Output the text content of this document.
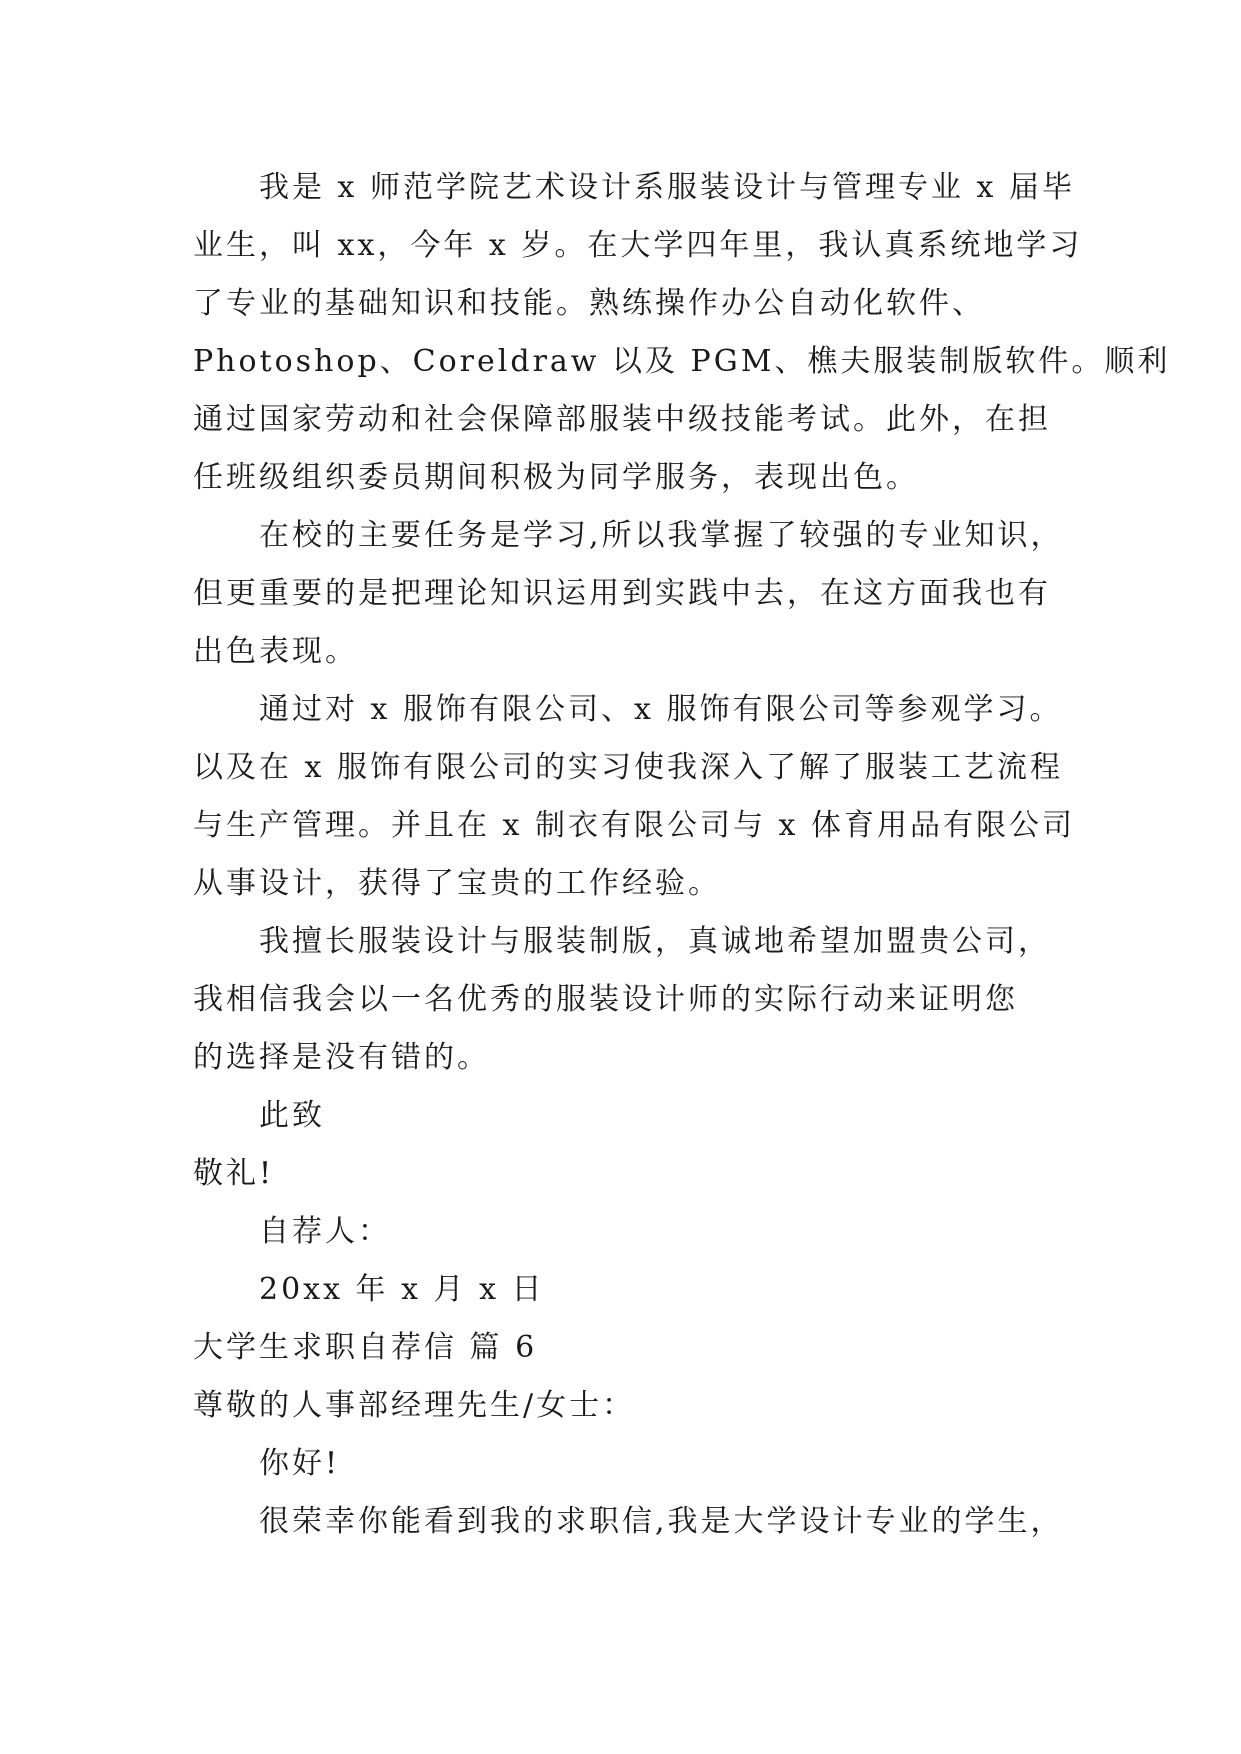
我是 x 师范学院艺术设计系服装设计与管理专业 x 届毕
业生，叫 xx，今年 x 岁。在大学四年里，我认真系统地学习
了专业的基础知识和技能。熟练操作办公自动化软件、
Photoshop、Coreldraw 以及 PGM、樵夫服装制版软件。顺利
通过国家劳动和社会保障部服装中级技能考试。此外，在担
任班级组织委员期间积极为同学服务，表现出色。
在校的主要任务是学习,所以我掌握了较强的专业知识，
但更重要的是把理论知识运用到实践中去，在这方面我也有
出色表现。
通过对 x 服饰有限公司、x 服饰有限公司等参观学习。
以及在 x 服饰有限公司的实习使我深入了解了服装工艺流程
与生产管理。并且在 x 制衣有限公司与 x 体育用品有限公司
从事设计，获得了宝贵的工作经验。
我擅长服装设计与服装制版，真诚地希望加盟贵公司，
我相信我会以一名优秀的服装设计师的实际行动来证明您
的选择是没有错的。
此致
敬礼!
自荐人：
20xx 年 x 月 x 日
大学生求职自荐信 篇 6
尊敬的人事部经理先生/女士：
你好!
很荣幸你能看到我的求职信,我是大学设计专业的学生，
